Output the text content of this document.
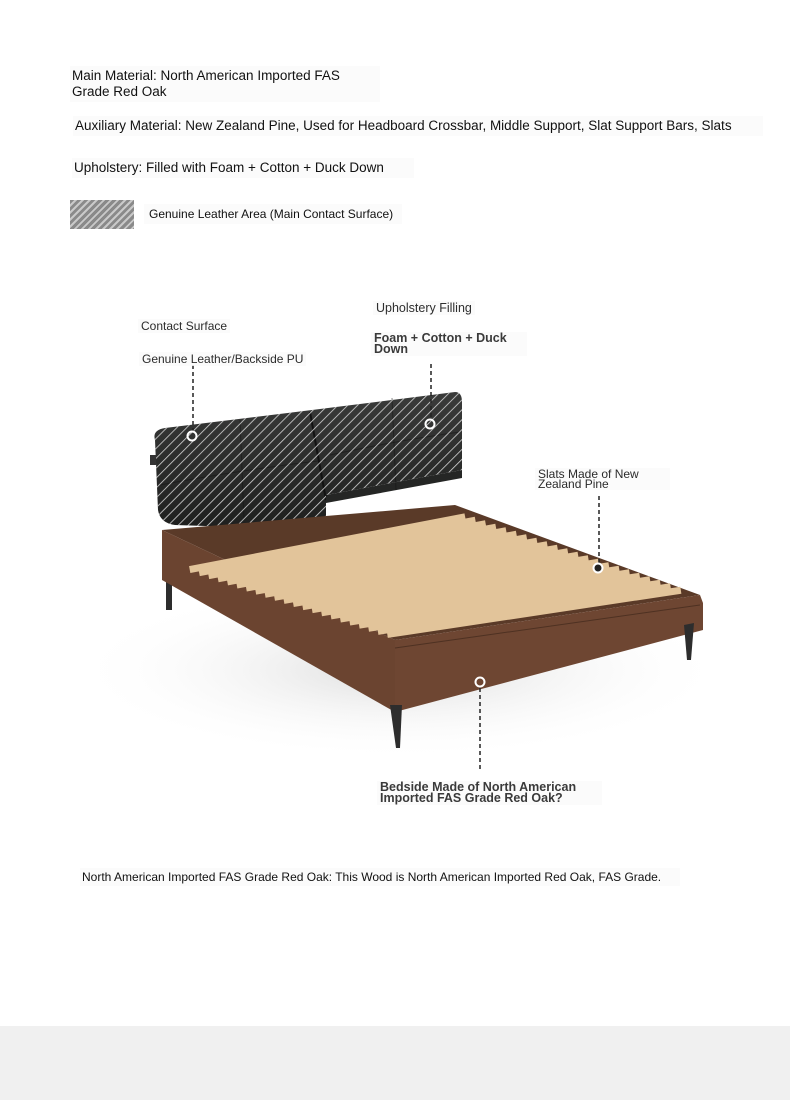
Main Material: North American Imported FAS Grade Red Oak
Auxiliary Material: New Zealand Pine, Used for Headboard Crossbar, Middle Support, Slat Support Bars, Slats
Upholstery: Filled with Foam + Cotton + Duck Down
Genuine Leather Area (Main Contact Surface)
Contact Surface
Genuine Leather/Backside PU
Upholstery Filling
Foam + Cotton + Duck Down
Slats Made of New Zealand Pine
Bedside Made of North American Imported FAS Grade Red Oak?
North American Imported FAS Grade Red Oak: This Wood is North American Imported Red Oak, FAS Grade.
